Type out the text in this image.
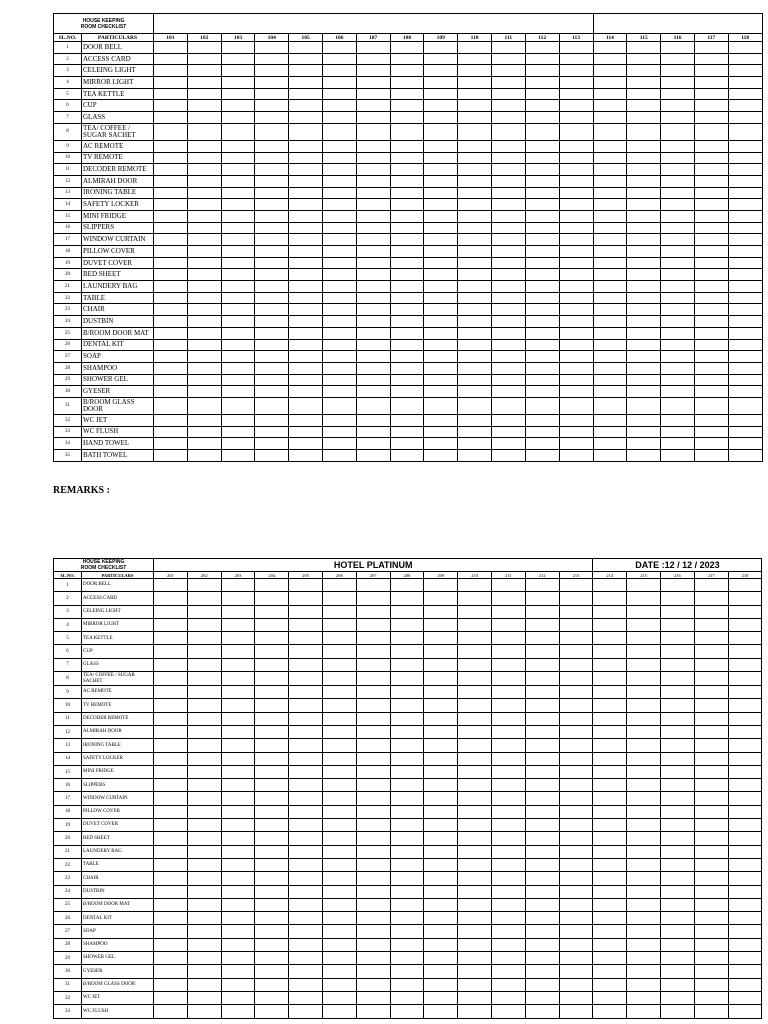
HOUSE KEEPING
ROOM CHECKLIST																			
SL.NO.	PARTICULARS	101	102	103	104	105	106	107	108	109	110	111	112	113	114	115	116	117	118
1	DOOR BELL																		
2	ACCESS CARD																		
3	CELEING LIGHT																		
4	MIRROR LIGHT																		
5	TEA KETTLE																		
6	CUP																		
7	GLASS																		
8	TEA/ COFFEE / SUGAR SACHET																		
9	AC REMOTE																		
10	TV REMOTE																		
11	DECODER REMOTE																		
12	ALMIRAH DOOR																		
13	IRONING TABLE																		
14	SAFETY LOCKER																		
15	MINI FRIDGE																		
16	SLIPPERS																		
17	WINDOW CURTAIN																		
18	PILLOW COVER																		
19	DUVET COVER																		
20	BED SHEET																		
21	LAUNDERY BAG																		
22	TABLE																		
23	CHAIR																		
24	DUSTBIN																		
25	B/ROOM DOOR MAT																		
26	DENTAL KIT																		
27	SOAP																		
28	SHAMPOO																		
29	SHOWER GEL																		
30	GYESER																		
31	B/ROOM GLASS DOOR																		
32	WC JET																		
33	WC FLUSH																		
34	HAND TOWEL																		
35	BATH TOWEL																		
REMARKS :
HOUSE KEEPING
ROOM CHECKLIST		HOTEL PLATINUM													DATE :12 / 12 / 2023				
SL.NO.	PARTICULARS	201	202	203	204	205	206	207	208	209	210	211	212	213	214	215	216	217	218
1	DOOR BELL																		
2	ACCESS CARD																		
3	CELEING LIGHT																		
4	MIRROR LIGHT																		
5	TEA KETTLE																		
6	CUP																		
7	GLASS																		
8	TEA/ COFFEE / SUGAR SACHET																		
9	AC REMOTE																		
10	TV REMOTE																		
11	DECODER REMOTE																		
12	ALMIRAH DOOR																		
13	IRONING TABLE																		
14	SAFETY LOCKER																		
15	MINI FRIDGE																		
16	SLIPPERS																		
17	WINDOW CURTAIN																		
18	PILLOW COVER																		
19	DUVET COVER																		
20	BED SHEET																		
21	LAUNDERY BAG																		
22	TABLE																		
23	CHAIR																		
24	DUSTBIN																		
25	B/ROOM DOOR MAT																		
26	DENTAL KIT																		
27	SOAP																		
28	SHAMPOO																		
29	SHOWER GEL																		
30	GYESER																		
31	B/ROOM GLASS DOOR																		
32	WC JET																		
33	WC FLUSH																		
